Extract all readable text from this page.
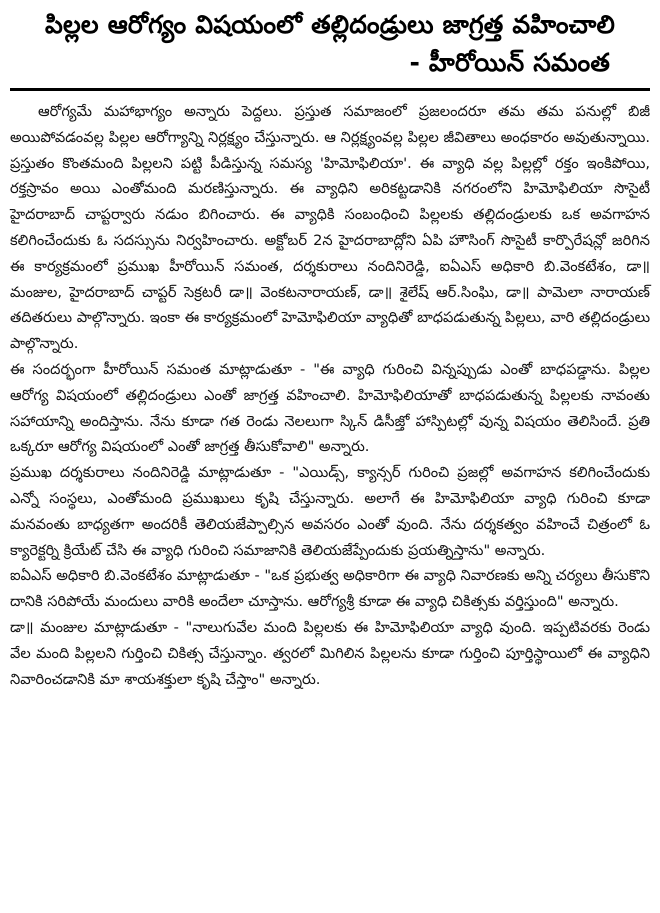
పిల్లల ఆరోగ్యం విషయంలో తల్లిదండ్రులు జాగ్రత్త వహించాలి
- హీరోయిన్ సమంత

ఆరోగ్యమే మహాభాగ్యం అన్నారు పెద్దలు. ప్రస్తుత సమాజంలో ప్రజలందరూ తమ తమ పనుల్లో బిజీ అయిపోవడంవల్ల పిల్లల ఆరోగ్యాన్ని నిర్లక్ష్యం చేస్తున్నారు. ఆ నిర్లక్ష్యంవల్ల పిల్లల జీవితాలు అంధకారం అవుతున్నాయి. ప్రస్తుతం కొంతమంది పిల్లలని పట్టి పీడిస్తున్న సమస్య 'హిమోఫిలియా'. ఈ వ్యాధి వల్ల పిల్లల్లో రక్తం ఇంకిపోయి, రక్తస్రావం అయి ఎంతోమంది మరణిస్తున్నారు. ఈ వ్యాధిని అరికట్టడానికి నగరంలోని హిమోఫిలియా సొసైటీ హైదరాబాద్ చాప్టర్వారు నడుం బిగించారు. ఈ వ్యాధికి సంబంధించి పిల్లలకు తల్లిదండ్రులకు ఒక అవగాహన కలిగించేందుకు ఓ సదస్సును నిర్వహించారు. అక్టోబర్ 2న హైదరాబాద్లోని ఏపి హౌసింగ్ సొసైటీ కార్పొరేషన్లో జరిగిన ఈ కార్యక్రమంలో ప్రముఖ హీరోయిన్ సమంత, దర్శకురాలు నందినిరెడ్డి, ఐఏఎస్ అధికారి బి.వెంకటేశం, డా॥ మంజుల, హైదరాబాద్ చాప్టర్ సెక్రటరీ డా॥ వెంకటనారాయణ్, డా॥ శైలేష్ ఆర్.సింఘి, డా॥ పామెలా నారాయణ్ తదితరులు పాల్గొన్నారు. ఇంకా ఈ కార్యక్రమంలో హెమోఫిలియా వ్యాధితో బాధపడుతున్న పిల్లలు, వారి తల్లిదండ్రులు పాల్గొన్నారు.

ఈ సందర్భంగా హీరోయిన్ సమంత మాట్లాడుతూ - "ఈ వ్యాధి గురించి విన్నప్పుడు ఎంతో బాధపడ్డాను. పిల్లల ఆరోగ్య విషయంలో తల్లిదండ్రులు ఎంతో జాగ్రత్త వహించాలి. హిమోఫిలియాతో బాధపడుతున్న పిల్లలకు నావంతు సహాయాన్ని అందిస్తాను. నేను కూడా గత రెండు నెలలుగా స్కిన్ డిసీజ్తో హాస్పిటల్లో వున్న విషయం తెలిసిందే. ప్రతి ఒక్కరూ ఆరోగ్య విషయంలో ఎంతో జాగ్రత్త తీసుకోవాలి" అన్నారు.

ప్రముఖ దర్శకురాలు నందినిరెడ్డి మాట్లాడుతూ - "ఎయిడ్స్, క్యాన్సర్ గురించి ప్రజల్లో అవగాహన కలిగించేందుకు ఎన్నో సంస్థలు, ఎంతోమంది ప్రముఖులు కృషి చేస్తున్నారు. అలాగే ఈ హిమోఫిలియా వ్యాధి గురించి కూడా మనవంతు బాధ్యతగా అందరికీ తెలియజేప్పాల్సిన అవసరం ఎంతో వుంది. నేను దర్శకత్వం వహించే చిత్రంలో ఓ క్యారెక్టర్ని క్రియేట్ చేసి ఈ వ్యాధి గురించి సమాజానికి తెలియజేప్పేందుకు ప్రయత్నిస్తాను" అన్నారు.

ఐఏఎస్ అధికారి బి.వెంకటేశం మాట్లాడుతూ - "ఒక ప్రభుత్వ అధికారిగా ఈ వ్యాధి నివారణకు అన్ని చర్యలు తీసుకొని దానికి సరిపోయే మందులు వారికి అందేలా చూస్తాను. ఆరోగ్యశ్రీ కూడా ఈ వ్యాధి చికిత్సకు వర్తిస్తుంది" అన్నారు.

డా॥ మంజుల మాట్లాడుతూ - "నాలుగువేల మంది పిల్లలకు ఈ హిమోఫిలియా వ్యాధి వుంది. ఇప్పటివరకు రెండు వేల మంది పిల్లలని గుర్తించి చికిత్స చేస్తున్నాం. త్వరలో మిగిలిన పిల్లలను కూడా గుర్తించి పూర్తిస్థాయిలో ఈ వ్యాధిని నివారించడానికి మా శాయశక్తులా కృషి చేస్తాం" అన్నారు.
